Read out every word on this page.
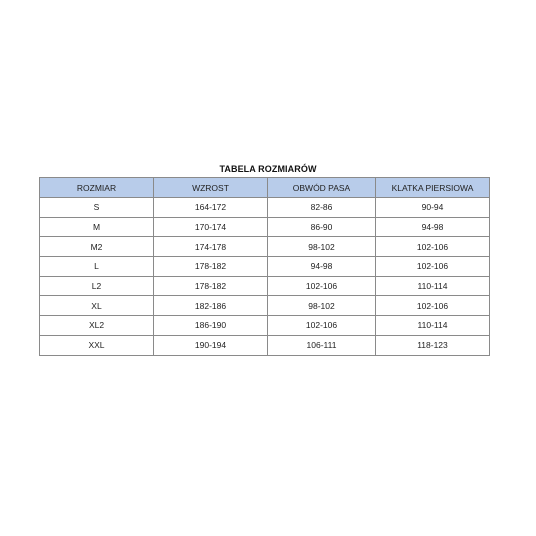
TABELA ROZMIARÓW
ROZMIAR	WZROST	OBWÓD PASA	KLATKA PIERSIOWA
S	164-172	82-86	90-94
M	170-174	86-90	94-98
M2	174-178	98-102	102-106
L	178-182	94-98	102-106
L2	178-182	102-106	110-114
XL	182-186	98-102	102-106
XL2	186-190	102-106	110-114
XXL	190-194	106-111	118-123
